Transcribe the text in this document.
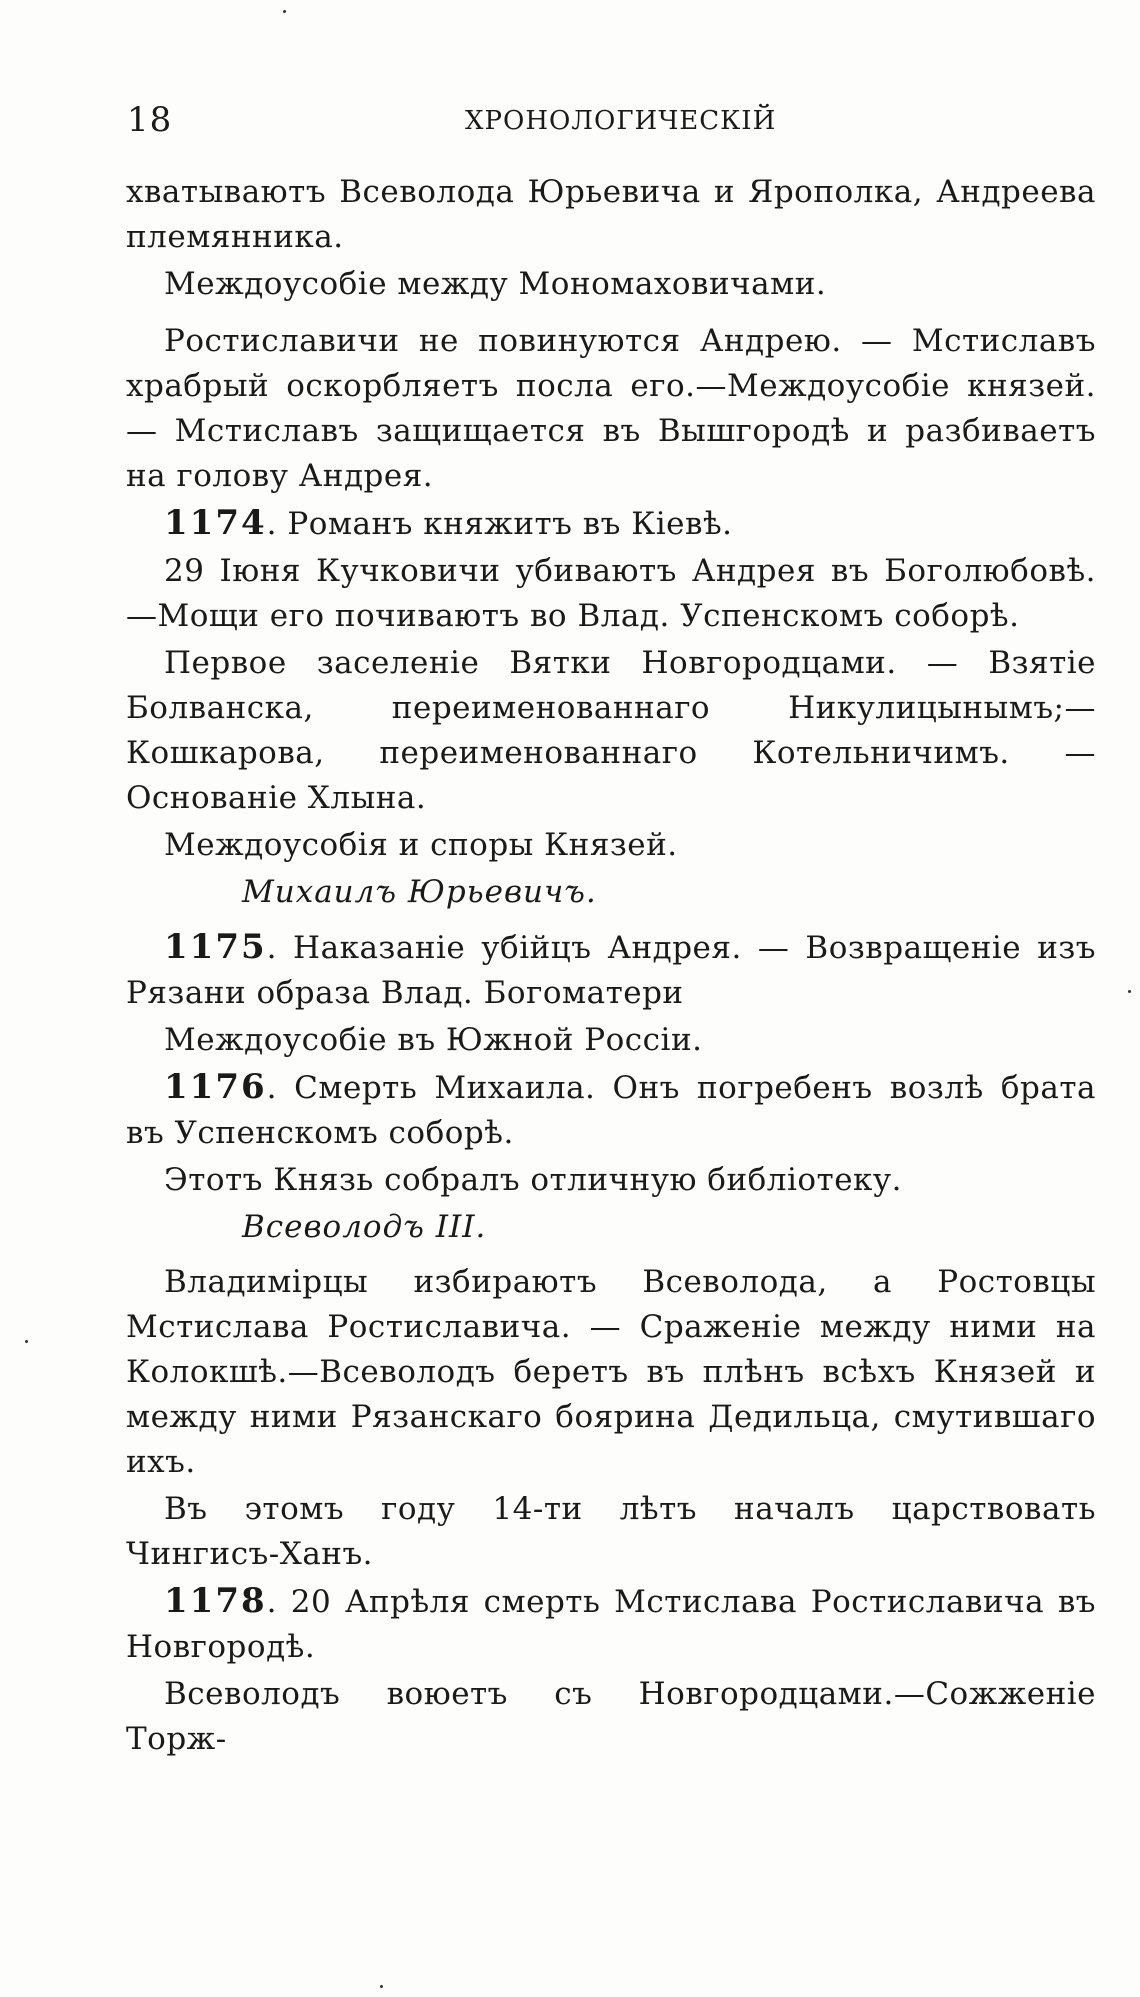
18	ХРОНОЛОГИЧЕСКІЙ

хватываютъ Всеволода Юрьевича и Ярополка, Андреева племянника.

Междоусобіе между Мономаховичами.

Ростиславичи не повинуются Андрею. — Мстиславъ храбрый оскорбляетъ посла его.—Междоусобіе князей.— Мстиславъ защищается въ Вышгородѣ и разбиваетъ на голову Андрея.

1174. Романъ княжитъ въ Кіевѣ.

29 Іюня Кучковичи убиваютъ Андрея въ Боголюбовѣ.—Мощи его почиваютъ во Влад. Успенскомъ соборѣ.

Первое заселеніе Вятки Новгородцами. — Взятіе Болванска, переименованнаго Никулицынымъ;—Кошкарова, переименованнаго Котельничимъ. — Основаніе Хлына.

Междоусобія и споры Князей.

Михаилъ Юрьевичъ.

1175. Наказаніе убійцъ Андрея. — Возвращеніе изъ Рязани образа Влад. Богоматери

Междоусобіе въ Южной Россіи.

1176. Смерть Михаила. Онъ погребенъ возлѣ брата въ Успенскомъ соборѣ.

Этотъ Князь собралъ отличную библіотеку.

Всеволодъ III.

Владимірцы избираютъ Всеволода, а Ростовцы Мстислава Ростиславича. — Сраженіе между ними на Колокшѣ.—Всеволодъ беретъ въ плѣнъ всѣхъ Князей и между ними Рязанскаго боярина Дедильца, смутившаго ихъ.

Въ этомъ году 14-ти лѣтъ началъ царствовать Чингисъ-Ханъ.

1178. 20 Апрѣля смерть Мстислава Ростиславича въ Новгородѣ.

Всеволодъ воюетъ съ Новгородцами.—Сожженіе Торж-
